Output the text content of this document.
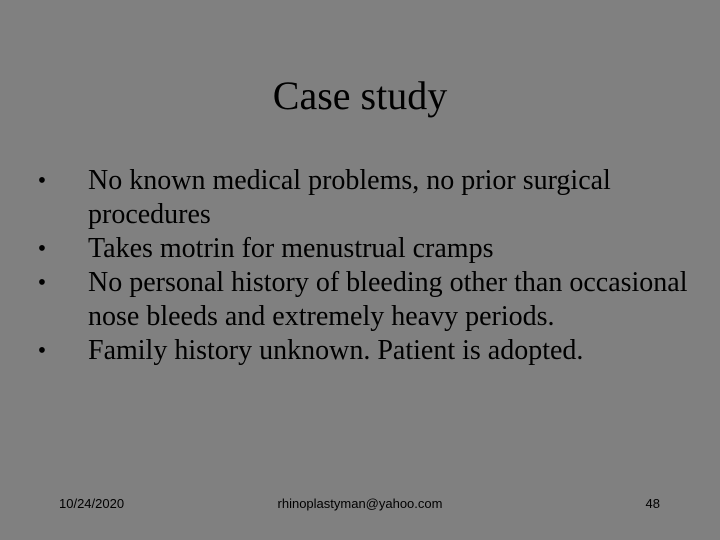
Case study
• No known medical problems, no prior surgical procedures
• Takes motrin for menustrual cramps
• No personal history of bleeding other than occasional nose bleeds and extremely heavy periods.
• Family history unknown. Patient is adopted.
10/24/2020	rhinoplastyman@yahoo.com	48
